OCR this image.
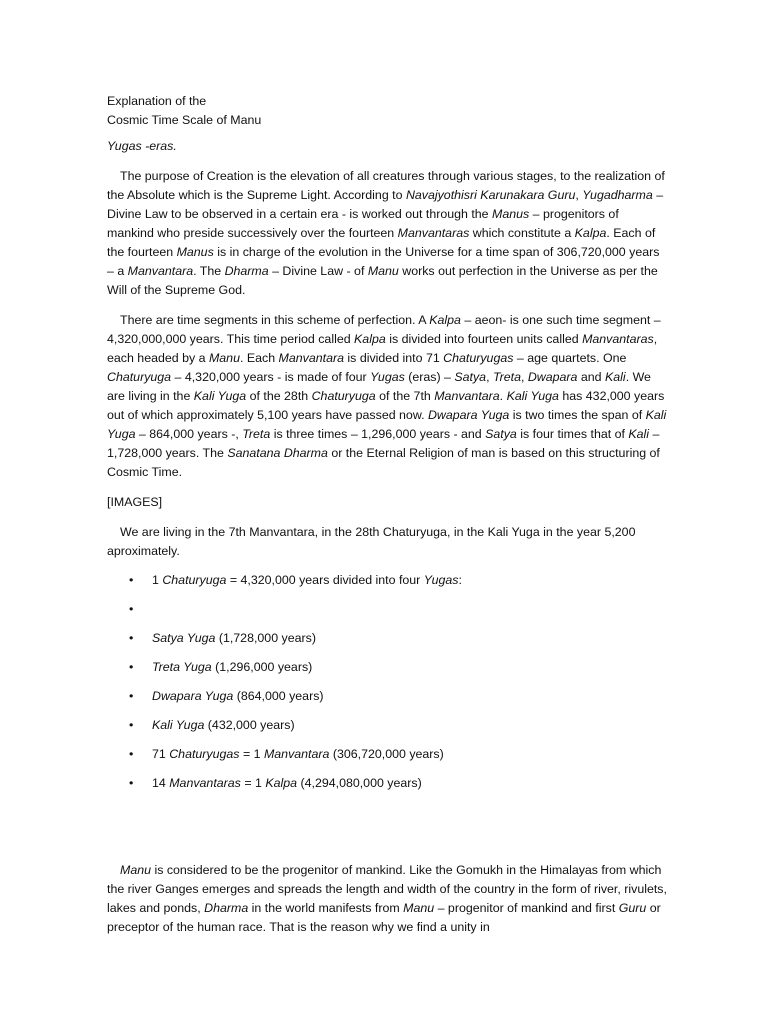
Explanation of the
Cosmic Time Scale of Manu
Yugas -eras.

The purpose of Creation is the elevation of all creatures through various stages, to the realization of the Absolute which is the Supreme Light. According to Navajyothisri Karunakara Guru, Yugadharma – Divine Law to be observed in a certain era - is worked out through the Manus – progenitors of mankind who preside successively over the fourteen Manvantaras which constitute a Kalpa. Each of the fourteen Manus is in charge of the evolution in the Universe for a time span of 306,720,000 years – a Manvantara. The Dharma – Divine Law - of Manu works out perfection in the Universe as per the Will of the Supreme God.

There are time segments in this scheme of perfection. A Kalpa – aeon- is one such time segment – 4,320,000,000 years. This time period called Kalpa is divided into fourteen units called Manvantaras, each headed by a Manu. Each Manvantara is divided into 71 Chaturyugas – age quartets. One Chaturyuga – 4,320,000 years - is made of four Yugas (eras) – Satya, Treta, Dwapara and Kali. We are living in the Kali Yuga of the 28th Chaturyuga of the 7th Manvantara. Kali Yuga has 432,000 years out of which approximately 5,100 years have passed now. Dwapara Yuga is two times the span of Kali Yuga – 864,000 years -, Treta is three times – 1,296,000 years - and Satya is four times that of Kali – 1,728,000 years. The Sanatana Dharma or the Eternal Religion of man is based on this structuring of Cosmic Time.

[IMAGES]

We are living in the 7th Manvantara, in the 28th Chaturyuga, in the Kali Yuga in the year 5,200 aproximately.

• 1 Chaturyuga = 4,320,000 years divided into four Yugas:
•
• Satya Yuga (1,728,000 years)
• Treta Yuga (1,296,000 years)
• Dwapara Yuga (864,000 years)
• Kali Yuga (432,000 years)
• 71 Chaturyugas = 1 Manvantara (306,720,000 years)
• 14 Manvantaras = 1 Kalpa (4,294,080,000 years)

Manu is considered to be the progenitor of mankind. Like the Gomukh in the Himalayas from which the river Ganges emerges and spreads the length and width of the country in the form of river, rivulets, lakes and ponds, Dharma in the world manifests from Manu – progenitor of mankind and first Guru or preceptor of the human race. That is the reason why we find a unity in
